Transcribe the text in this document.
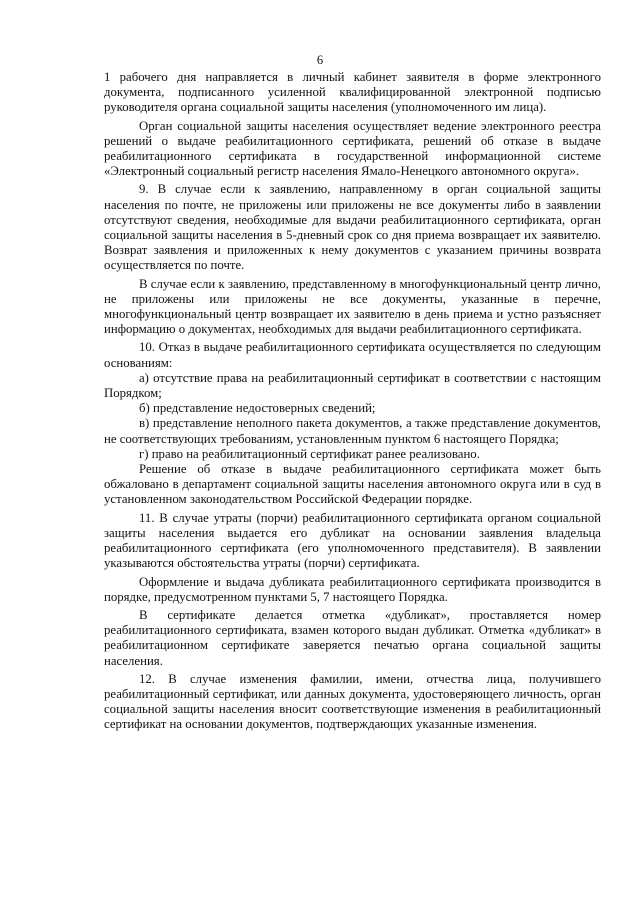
6

1 рабочего дня направляется в личный кабинет заявителя в форме электронного документа, подписанного усиленной квалифицированной электронной подписью руководителя органа социальной защиты населения (уполномоченного им лица).

Орган социальной защиты населения осуществляет ведение электронного реестра решений о выдаче реабилитационного сертификата, решений об отказе в выдаче реабилитационного сертификата в государственной информационной системе «Электронный социальный регистр населения Ямало-Ненецкого автономного округа».

9. В случае если к заявлению, направленному в орган социальной защиты населения по почте, не приложены или приложены не все документы либо в заявлении отсутствуют сведения, необходимые для выдачи реабилитационного сертификата, орган социальной защиты населения в 5-дневный срок со дня приема возвращает их заявителю. Возврат заявления и приложенных к нему документов с указанием причины возврата осуществляется по почте.

В случае если к заявлению, представленному в многофункциональный центр лично, не приложены или приложены не все документы, указанные в перечне, многофункциональный центр возвращает их заявителю в день приема и устно разъясняет информацию о документах, необходимых для выдачи реабилитационного сертификата.

10. Отказ в выдаче реабилитационного сертификата осуществляется по следующим основаниям:

а) отсутствие права на реабилитационный сертификат в соответствии с настоящим Порядком;

б) представление недостоверных сведений;

в) представление неполного пакета документов, а также представление документов, не соответствующих требованиям, установленным пунктом 6 настоящего Порядка;

г) право на реабилитационный сертификат ранее реализовано.

Решение об отказе в выдаче реабилитационного сертификата может быть обжаловано в департамент социальной защиты населения автономного округа или в суд в установленном законодательством Российской Федерации порядке.

11. В случае утраты (порчи) реабилитационного сертификата органом социальной защиты населения выдается его дубликат на основании заявления владельца реабилитационного сертификата (его уполномоченного представителя). В заявлении указываются обстоятельства утраты (порчи) сертификата.

Оформление и выдача дубликата реабилитационного сертификата производится в порядке, предусмотренном пунктами 5, 7 настоящего Порядка.

В сертификате делается отметка «дубликат», проставляется номер реабилитационного сертификата, взамен которого выдан дубликат. Отметка «дубликат» в реабилитационном сертификате заверяется печатью органа социальной защиты населения.

12. В случае изменения фамилии, имени, отчества лица, получившего реабилитационный сертификат, или данных документа, удостоверяющего личность, орган социальной защиты населения вносит соответствующие изменения в реабилитационный сертификат на основании документов, подтверждающих указанные изменения.
